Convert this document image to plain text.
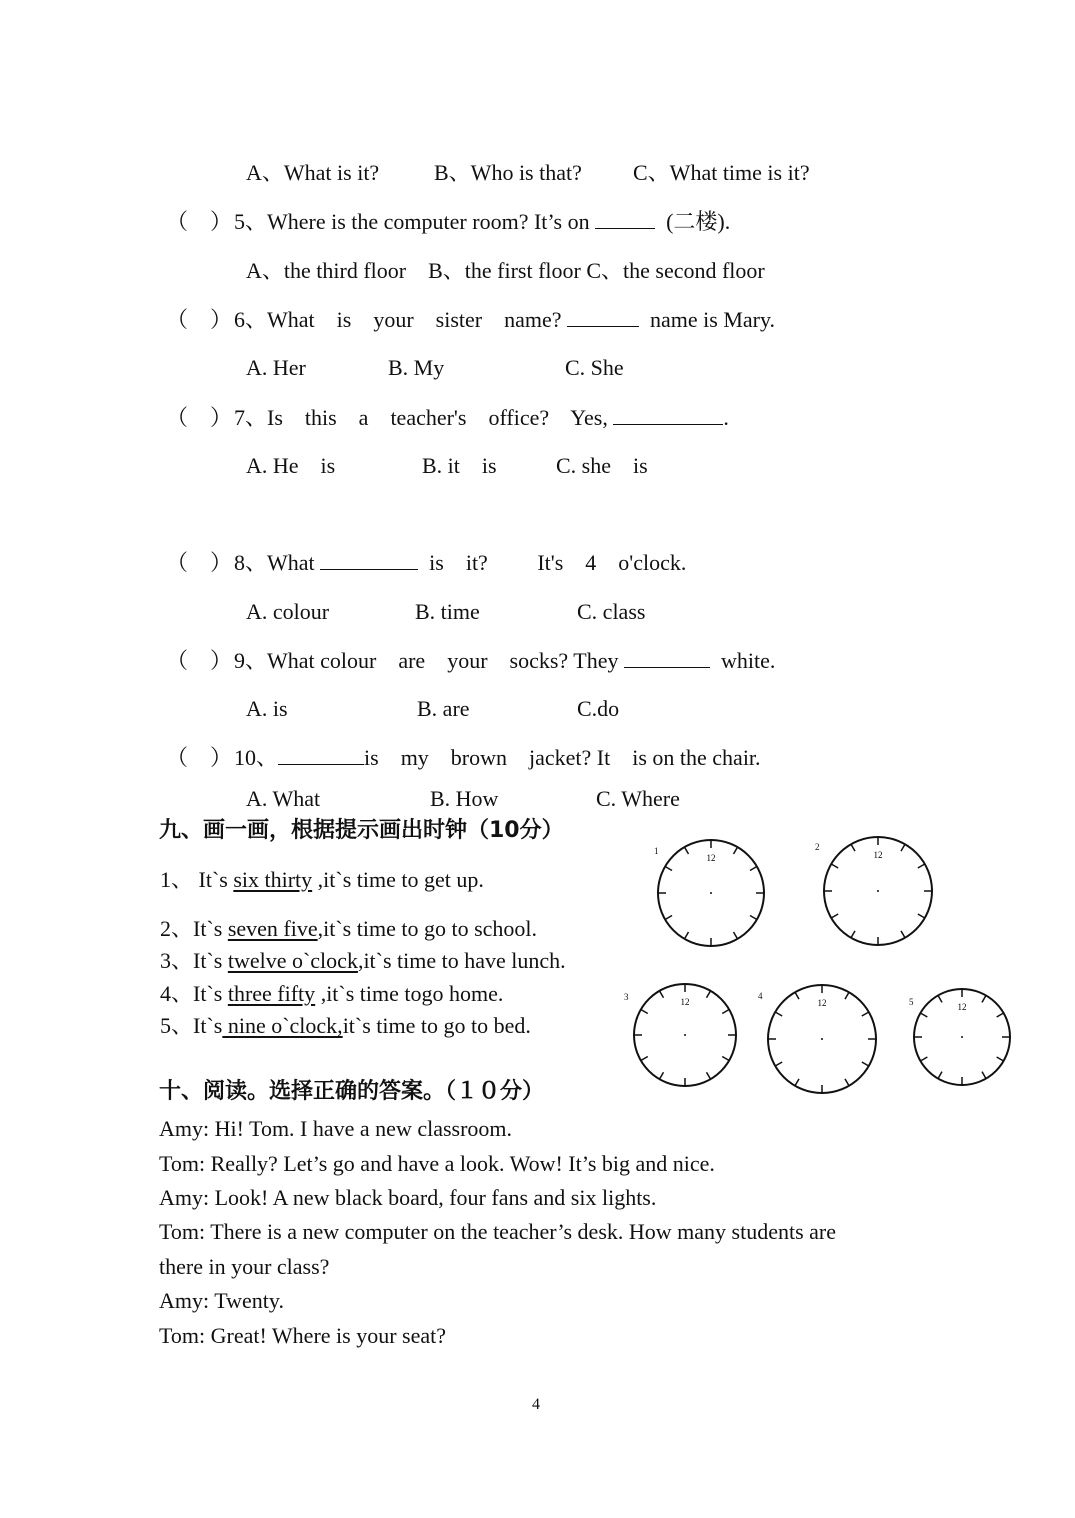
A、What is it? B、Who is that? C、What time is it?
（    ） 5、Where is the computer room? It’s on	(二楼).
A、the third floor    B、the first floor C、the second floor
（    ） 6、What    is    your    sister    name?	name is Mary.
A. Her	B. My	C. She
（    ） 7、Is    this    a    teacher's    office?    Yes,	.
A. He    is	B. it    is	C. she    is
（    ） 8、What	is    it?         It's    4    o'clock.
A. colour	B. time	C. class
（    ） 9、What colour    are    your    socks? They	white.
A. is	B. are	C.do
（    ） 10、	is    my    brown    jacket? It    is on the chair.
A. What	B. How	C. Where
九、画一画，根据提示画出时钟（10分）
1、 It`s six thirty ,it`s time to get up.
2、It`s seven five,it`s time to go to school.
3、It`s twelve o`clock,it`s time to have lunch.
4、It`s three fifty ,it`s time togo home.
5、It`s nine o`clock,it`s time to go to bed.
1	2
3	4
5
12	12
12	12	12
十、阅读。选择正确的答案。（１０分）
Amy: Hi! Tom. I have a new classroom.
Tom: Really? Let’s go and have a look. Wow! It’s big and nice.
Amy: Look! A new black board, four fans and six lights.
Tom: There is a new computer on the teacher’s desk. How many students are
there in your class?
Amy: Twenty.
Tom: Great! Where is your seat?
4
